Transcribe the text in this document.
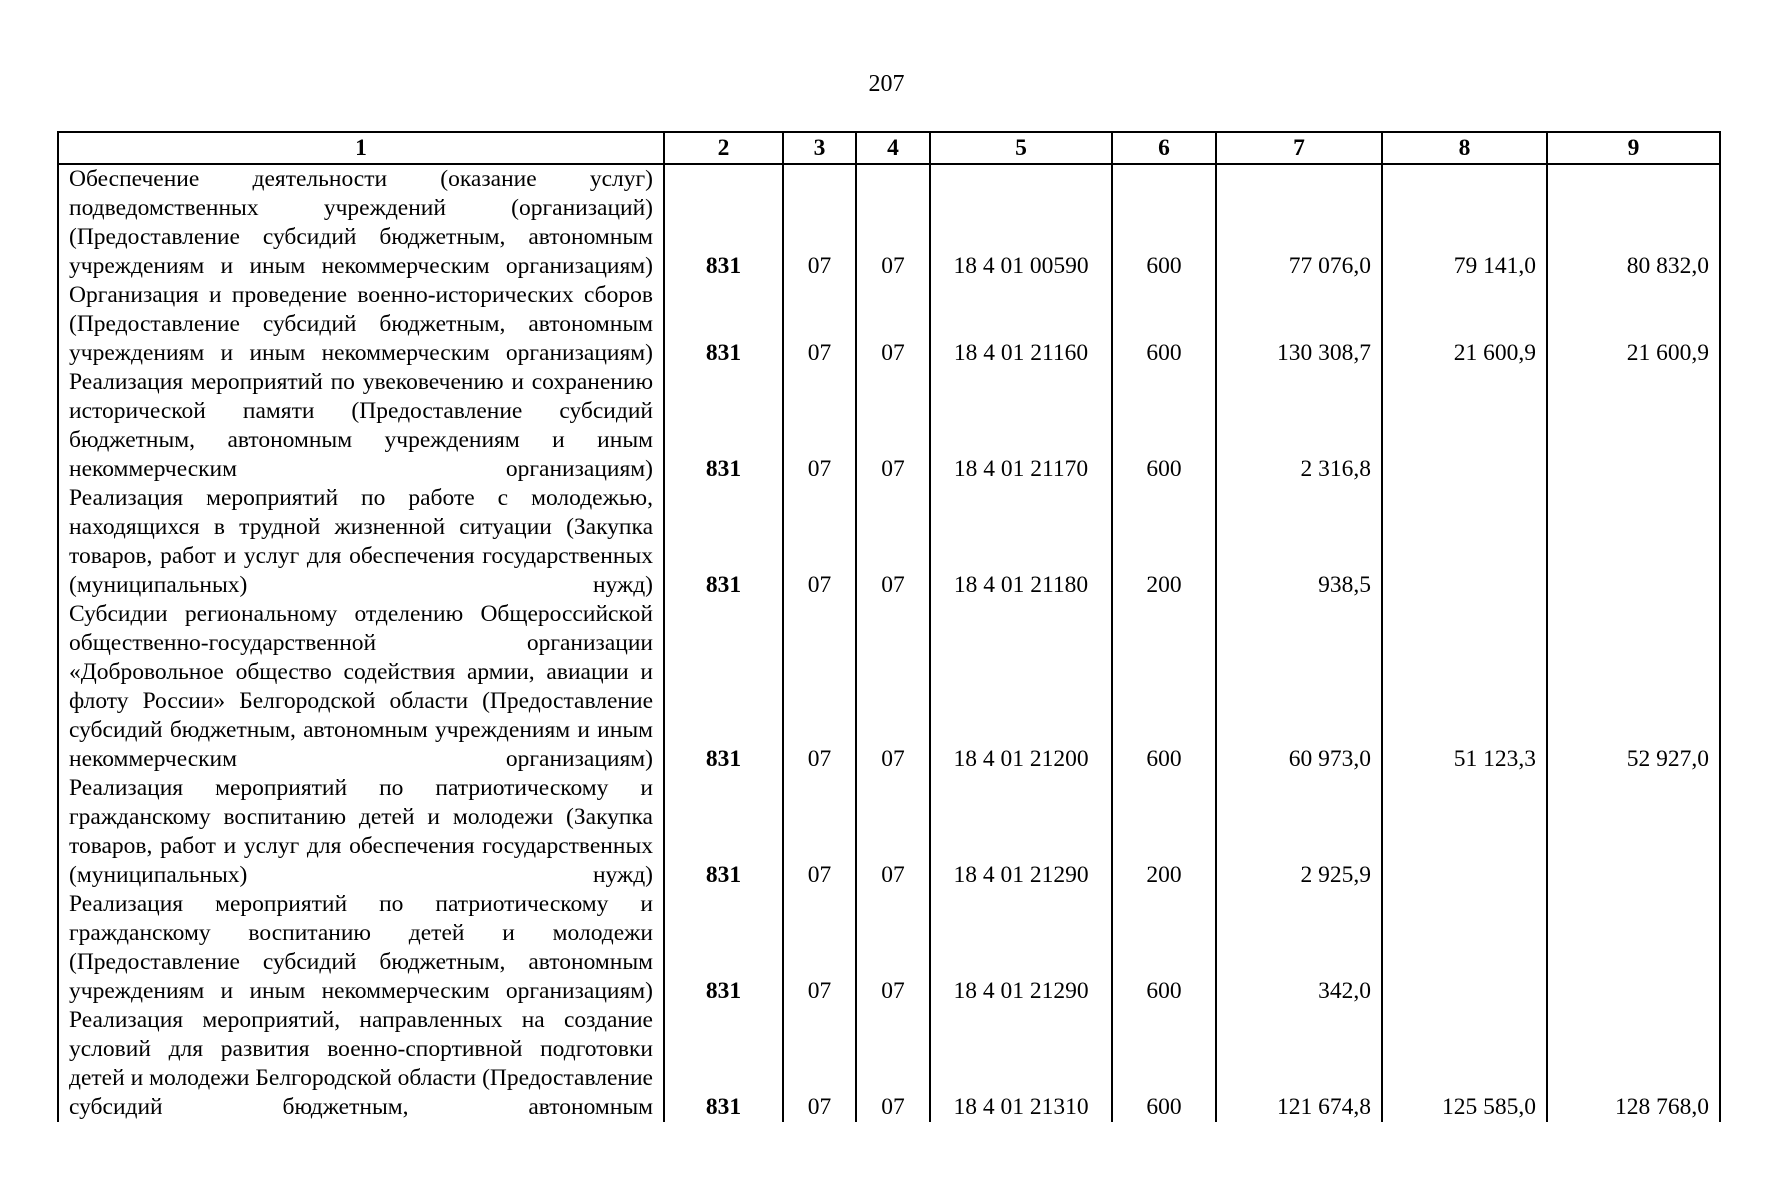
207
1	2	3	4	5	6	7	8	9

Обеспечение деятельности (оказание услуг) подведомственных учреждений (организаций) (Предоставление субсидий бюджетным, автономным учреждениям и иным некоммерческим организациям)	831	07	07	18 4 01 00590	600	77 076,0	79 141,0	80 832,0

Организация и проведение военно-исторических сборов (Предоставление субсидий бюджетным, автономным учреждениям и иным некоммерческим организациям)	831	07	07	18 4 01 21160	600	130 308,7	21 600,9	21 600,9

Реализация мероприятий по увековечению и сохранению исторической памяти (Предоставление субсидий бюджетным, автономным учреждениям и иным некоммерческим организациям)	831	07	07	18 4 01 21170	600	2 316,8		

Реализация мероприятий по работе с молодежью, находящихся в трудной жизненной ситуации (Закупка товаров, работ и услуг для обеспечения государственных (муниципальных) нужд)	831	07	07	18 4 01 21180	200	938,5		

Субсидии региональному отделению Общероссийской общественно-государственной организации «Добровольное общество содействия армии, авиации и флоту России» Белгородской области (Предоставление субсидий бюджетным, автономным учреждениям и иным некоммерческим организациям)	831	07	07	18 4 01 21200	600	60 973,0	51 123,3	52 927,0

Реализация мероприятий по патриотическому и гражданскому воспитанию детей и молодежи (Закупка товаров, работ и услуг для обеспечения государственных (муниципальных) нужд)	831	07	07	18 4 01 21290	200	2 925,9		

Реализация мероприятий по патриотическому и гражданскому воспитанию детей и молодежи (Предоставление субсидий бюджетным, автономным учреждениям и иным некоммерческим организациям)	831	07	07	18 4 01 21290	600	342,0		

Реализация мероприятий, направленных на создание условий для развития военно-спортивной подготовки детей и молодежи Белгородской области (Предоставление субсидий бюджетным, автономным	831	07	07	18 4 01 21310	600	121 674,8	125 585,0	128 768,0
